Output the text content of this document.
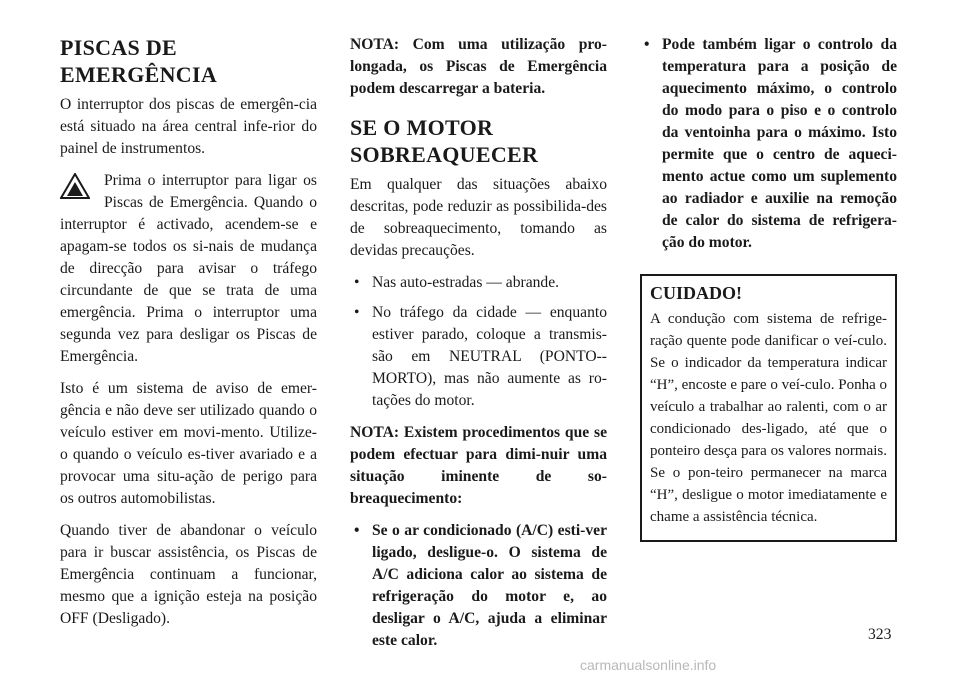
PISCAS DE EMERGÊNCIA

O interruptor dos piscas de emergên-cia está situado na área central infe-rior do painel de instrumentos.

Prima o interruptor para ligar os Piscas de Emergência. Quando o interruptor é activado, acendem-se e apagam-se todos os si-nais de mudança de direcção para avisar o tráfego circundante de que se trata de uma emergência. Prima o interruptor uma segunda vez para desligar os Piscas de Emergência.

Isto é um sistema de aviso de emer-gência e não deve ser utilizado quando o veículo estiver em movi-mento. Utilize-o quando o veículo es-tiver avariado e a provocar uma situ-ação de perigo para os outros automobilistas.

Quando tiver de abandonar o veículo para ir buscar assistência, os Piscas de Emergência continuam a funcionar, mesmo que a ignição esteja na posição OFF (Desligado).

NOTA: Com uma utilização pro-longada, os Piscas de Emergência podem descarregar a bateria.

SE O MOTOR SOBREAQUECER

Em qualquer das situações abaixo descritas, pode reduzir as possibilida-des de sobreaquecimento, tomando as devidas precauções.

• Nas auto-estradas — abrande.
• No tráfego da cidade — enquanto estiver parado, coloque a transmis-são em NEUTRAL (PONTO--MORTO), mas não aumente as ro-tações do motor.

NOTA: Existem procedimentos que se podem efectuar para dimi-nuir uma situação iminente de so-breaquecimento:

• Se o ar condicionado (A/C) esti-ver ligado, desligue-o. O sistema de A/C adiciona calor ao sistema de refrigeração do motor e, ao desligar o A/C, ajuda a eliminar este calor.
• Pode também ligar o controlo da temperatura para a posição de aquecimento máximo, o controlo do modo para o piso e o controlo da ventoinha para o máximo. Isto permite que o centro de aqueci-mento actue como um suplemento ao radiador e auxilie na remoção de calor do sistema de refrigera-ção do motor.
CUIDADO!

A condução com sistema de refrige-ração quente pode danificar o veí-culo. Se o indicador da temperatura indicar “H”, encoste e pare o veí-culo. Ponha o veículo a trabalhar ao ralenti, com o ar condicionado des-ligado, até que o ponteiro desça para os valores normais. Se o pon-teiro permanecer na marca “H”, desligue o motor imediatamente e chame a assistência técnica.

323
carmanualsonline.info
